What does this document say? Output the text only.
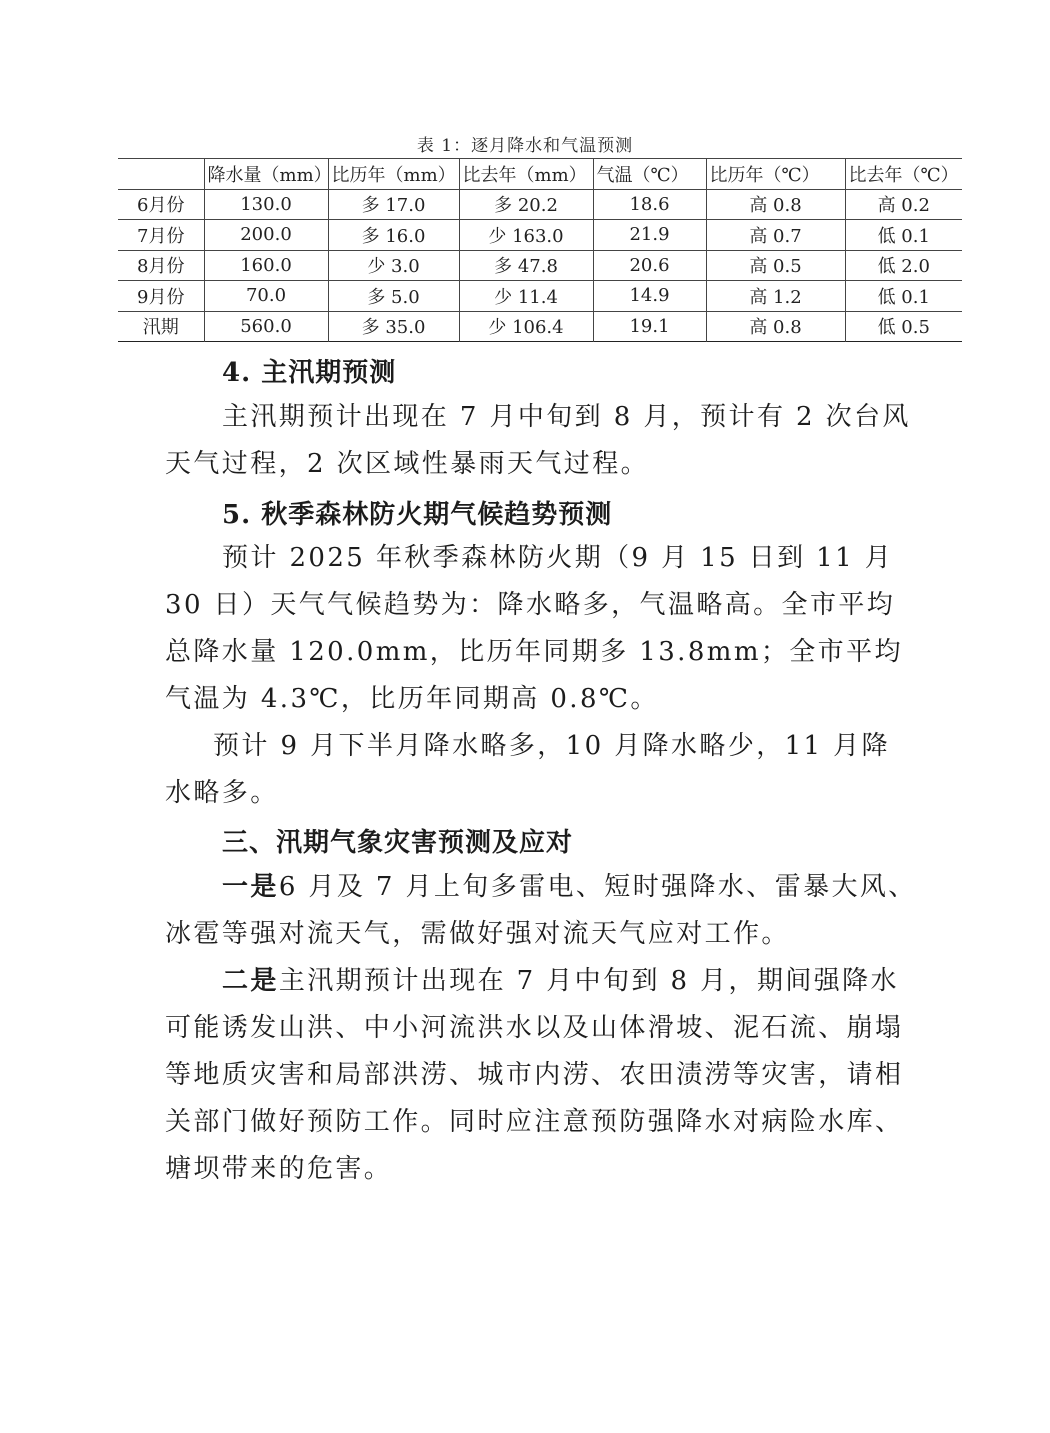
表 1：逐月降水和气温预测
	降水量（mm）	比历年（mm）	比去年（mm）	气温（℃）	比历年（℃）	比去年（℃）
6月份	130.0	多 17.0	多 20.2	18.6	高 0.8	高 0.2
7月份	200.0	多 16.0	少 163.0	21.9	高 0.7	低 0.1
8月份	160.0	少 3.0	多 47.8	20.6	高 0.5	低 2.0
9月份	70.0	多 5.0	少 11.4	14.9	高 1.2	低 0.1
汛期	560.0	多 35.0	少 106.4	19.1	高 0.8	低 0.5
4. 主汛期预测

主汛期预计出现在 7 月中旬到 8 月，预计有 2 次台风天气过程，2 次区域性暴雨天气过程。

5. 秋季森林防火期气候趋势预测

预计 2025 年秋季森林防火期（9 月 15 日到 11 月 30 日）天气气候趋势为：降水略多，气温略高。全市平均总降水量 120.0mm，比历年同期多 13.8mm；全市平均气温为 4.3℃，比历年同期高 0.8℃。

预计 9 月下半月降水略多，10 月降水略少，11 月降水略多。

三、汛期气象灾害预测及应对

一是6 月及 7 月上旬多雷电、短时强降水、雷暴大风、冰雹等强对流天气，需做好强对流天气应对工作。

二是主汛期预计出现在 7 月中旬到 8 月，期间强降水可能诱发山洪、中小河流洪水以及山体滑坡、泥石流、崩塌等地质灾害和局部洪涝、城市内涝、农田渍涝等灾害，请相关部门做好预防工作。同时应注意预防强降水对病险水库、塘坝带来的危害。
